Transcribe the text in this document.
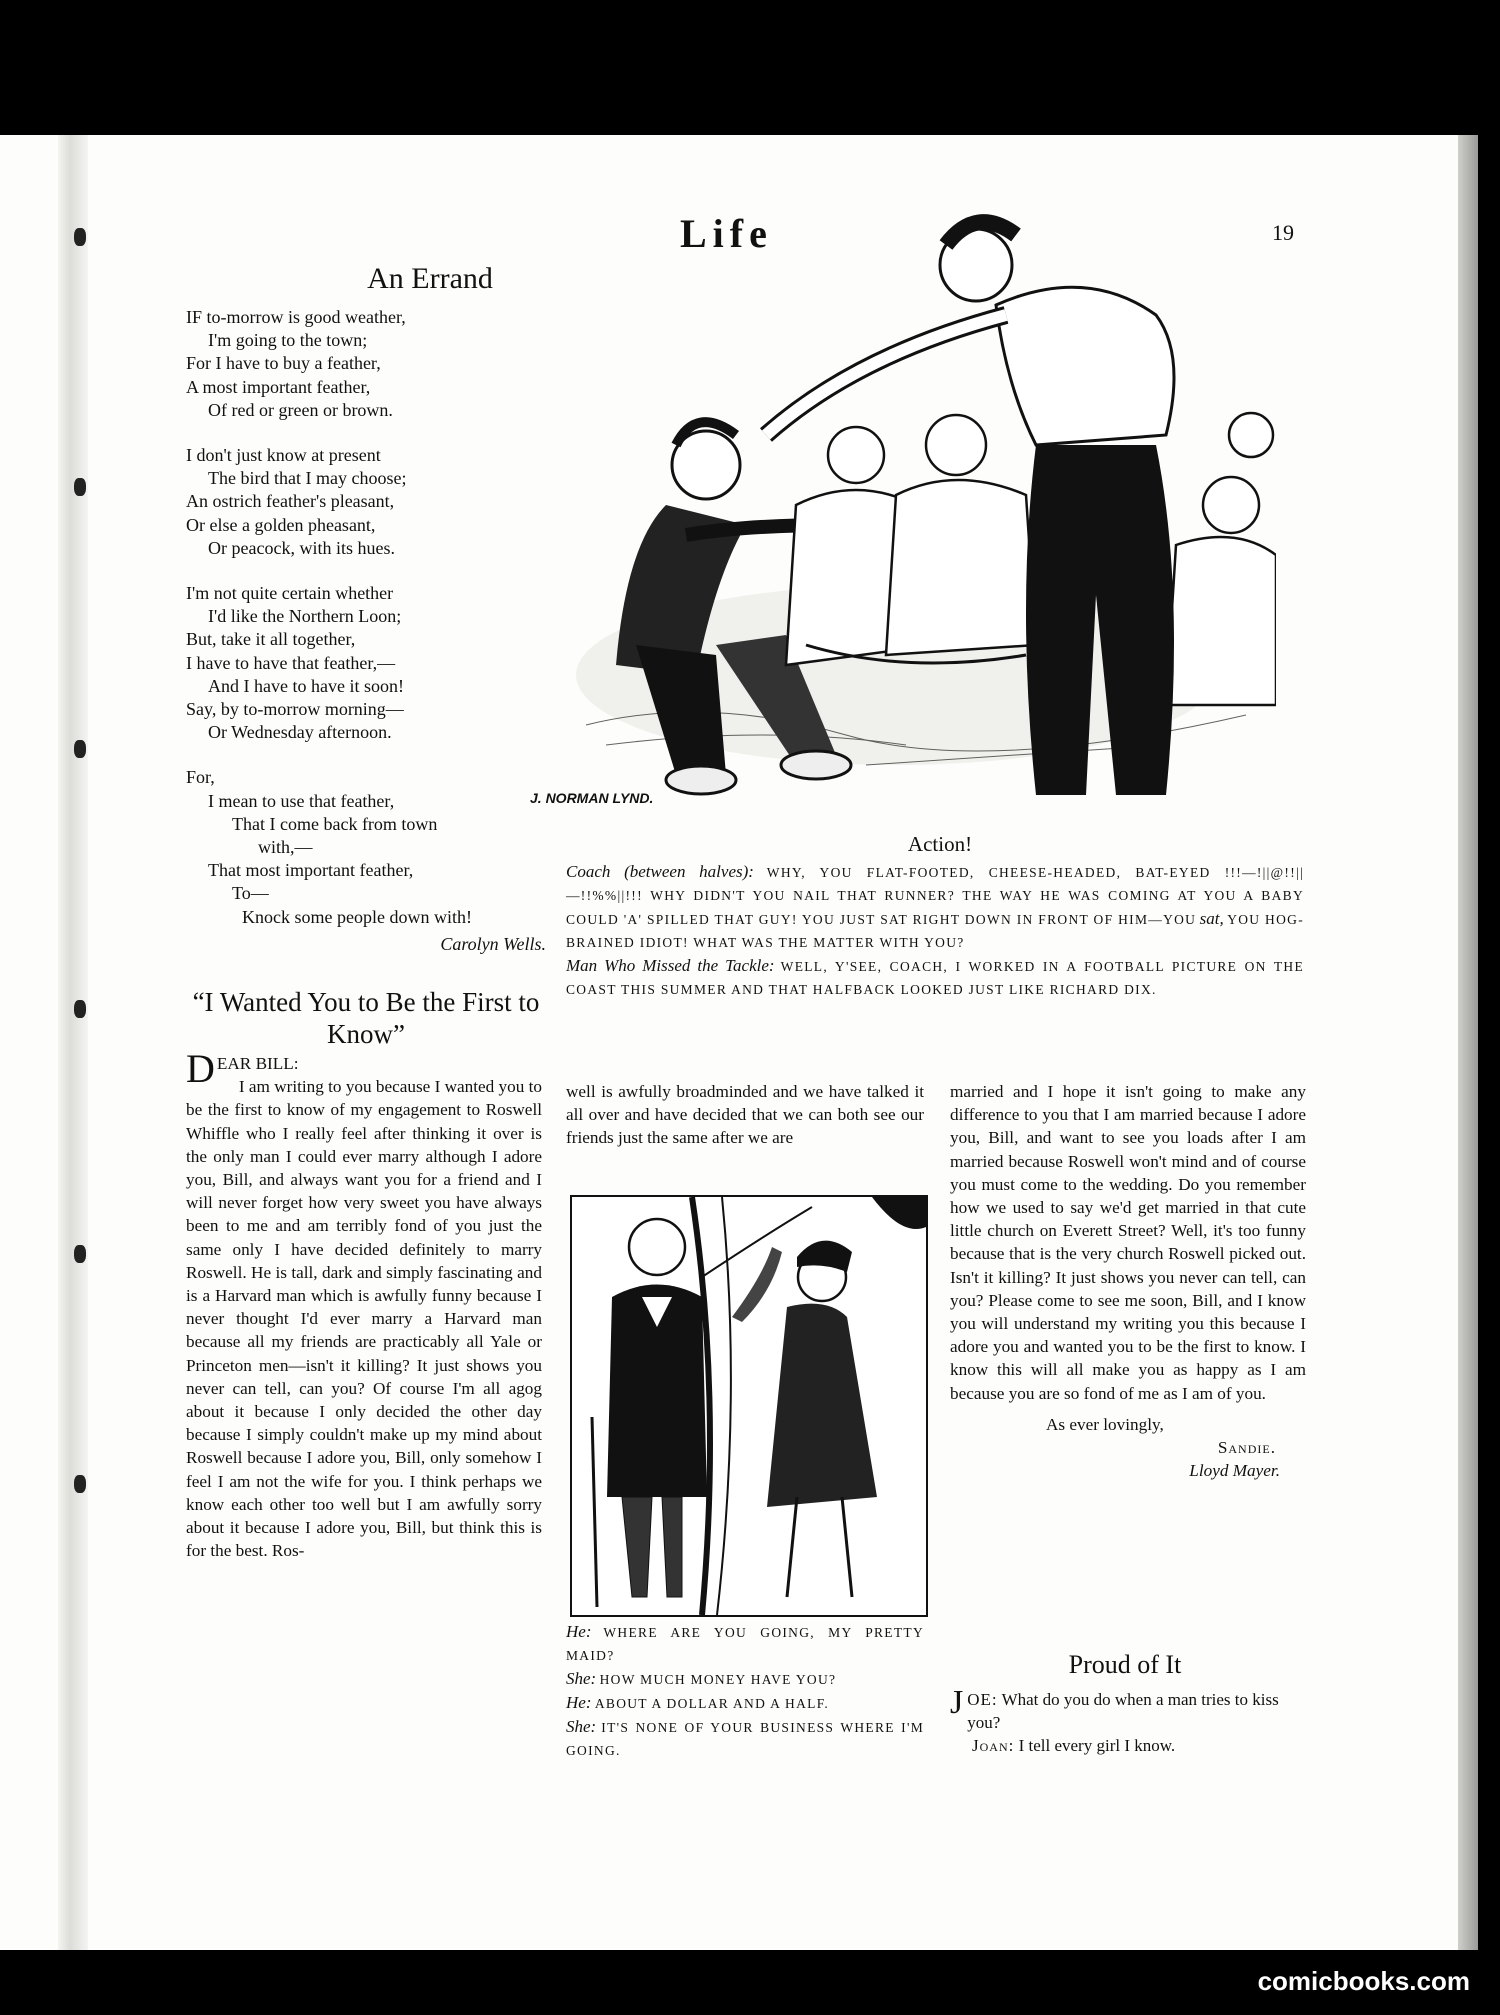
Life	19
An Errand
IF to-morrow is good weather,
I'm going to the town;
For I have to buy a feather,
A most important feather,
Of red or green or brown.
I don't just know at present
The bird that I may choose;
An ostrich feather's pleasant,
Or else a golden pheasant,
Or peacock, with its hues.
I'm not quite certain whether
I'd like the Northern Loon;
But, take it all together,
I have to have that feather,—
And I have to have it soon!
Say, by to-morrow morning—
Or Wednesday afternoon.
For,
I mean to use that feather,
That I come back from town
with,—
That most important feather,
To—
Knock some people down with!
Carolyn Wells.
“I Wanted You to Be the First to Know”
DEAR BILL:
I am writing to you because I wanted you to be the first to know of my engagement to Roswell Whiffle who I really feel after thinking it over is the only man I could ever marry although I adore you, Bill, and always want you for a friend and I will never forget how very sweet you have always been to me and am terribly fond of you just the same only I have decided definitely to marry Roswell. He is tall, dark and simply fascinating and is a Harvard man which is awfully funny because I never thought I'd ever marry a Harvard man because all my friends are practicably all Yale or Princeton men—isn't it killing? It just shows you never can tell, can you? Of course I'm all agog about it because I only decided the other day because I simply couldn't make up my mind about Roswell because I adore you, Bill, only somehow I feel I am not the wife for you. I think perhaps we know each other too well but I am awfully sorry about it because I adore you, Bill, but think this is for the best. Ros-
well is awfully broadminded and we have talked it all over and have decided that we can both see our friends just the same after we are
married and I hope it isn't going to make any difference to you that I am married because I adore you, Bill, and want to see you loads after I am married because Roswell won't mind and of course you must come to the wedding. Do you remember how we used to say we'd get married in that cute little church on Everett Street? Well, it's too funny because that is the very church Roswell picked out. Isn't it killing? It just shows you never can tell, can you? Please come to see me soon, Bill, and I know you will understand my writing you this because I adore you and wanted you to be the first to know. I know this will all make you as happy as I am because you are so fond of me as I am of you.
As ever lovingly,
Sandie.
Lloyd Mayer.
J. NORMAN LYND.
Action!
Coach (between halves): WHY, YOU FLAT-FOOTED, CHEESE-HEADED, BAT-EYED !!!—!||@!!||—!!%%||!!! WHY DIDN'T YOU NAIL THAT RUNNER? THE WAY HE WAS COMING AT YOU A BABY COULD 'A' SPILLED THAT GUY! YOU JUST SAT RIGHT DOWN IN FRONT OF HIM—YOU sat, YOU HOG-BRAINED IDIOT! WHAT WAS THE MATTER WITH YOU?
Man Who Missed the Tackle: WELL, Y'SEE, COACH, I WORKED IN A FOOTBALL PICTURE ON THE COAST THIS SUMMER AND THAT HALFBACK LOOKED JUST LIKE RICHARD DIX.
He: WHERE ARE YOU GOING, MY PRETTY MAID?
She: HOW MUCH MONEY HAVE YOU?
He: ABOUT A DOLLAR AND A HALF.
She: IT'S NONE OF YOUR BUSINESS WHERE I'M GOING.
Proud of It
JOE: What do you do when a man tries to kiss you?
Joan: I tell every girl I know.
comicbooks.com
